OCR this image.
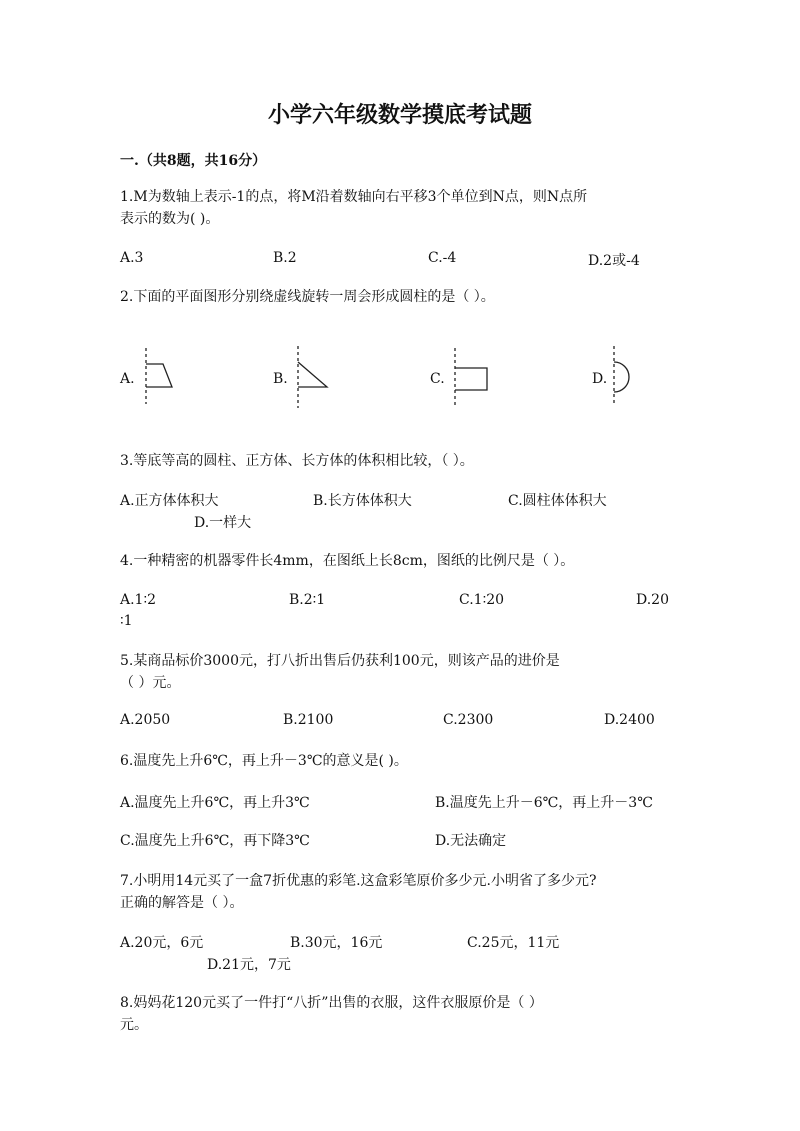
小学六年级数学摸底考试题
一.（共8题，共16分）
1.M为数轴上表示-1的点，将M沿着数轴向右平移3个单位到N点，则N点所
表示的数为( )。
A.3	B.2	C.-4	D.2或-4
2.下面的平面图形分别绕虚线旋转一周会形成圆柱的是（ ）。
A.	B.	C.	D.
3.等底等高的圆柱、正方体、长方体的体积相比较，（ ）。
A.正方体体积大	B.长方体体积大	C.圆柱体体积大
D.一样大
4.一种精密的机器零件长4mm，在图纸上长8cm，图纸的比例尺是（ ）。
A.1∶2	B.2∶1	C.1∶20	D.20
∶1
5.某商品标价3000元，打八折出售后仍获利100元，则该产品的进价是
（ ）元。
A.2050	B.2100	C.2300	D.2400
6.温度先上升6℃，再上升－3℃的意义是( )。
A.温度先上升6℃，再上升3℃	B.温度先上升－6℃，再上升－3℃
C.温度先上升6℃，再下降3℃	D.无法确定
7.小明用14元买了一盒7折优惠的彩笔.这盒彩笔原价多少元.小明省了多少元?
正确的解答是（ ）。
A.20元，6元	B.30元，16元	C.25元，11元
D.21元，7元
8.妈妈花120元买了一件打“八折”出售的衣服，这件衣服原价是（ ）
元。
